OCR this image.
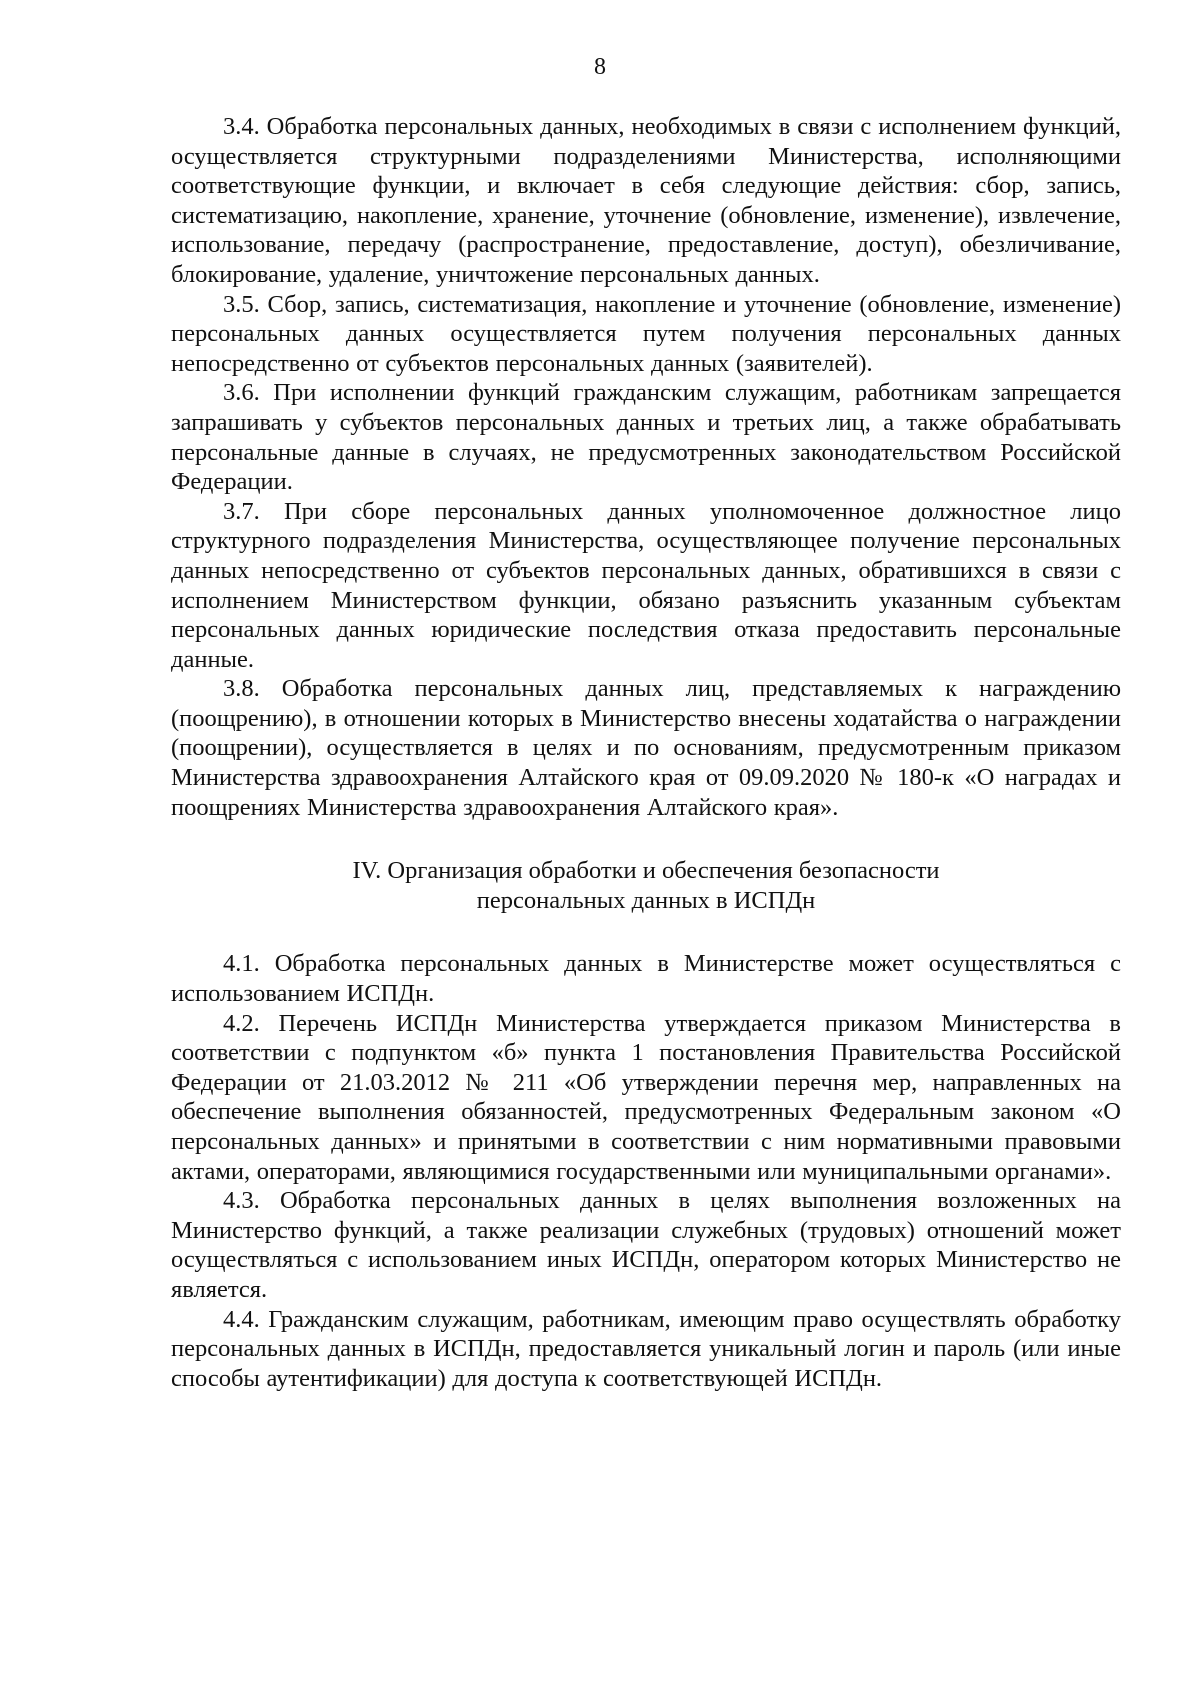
8

3.4. Обработка персональных данных, необходимых в связи с исполнением функций, осуществляется структурными подразделениями Министерства, исполняющими соответствующие функции, и включает в себя следующие действия: сбор, запись, систематизацию, накопление, хранение, уточнение (обновление, изменение), извлечение, использование, передачу (распространение, предоставление, доступ), обезличивание, блокирование, удаление, уничтожение персональных данных.

3.5. Сбор, запись, систематизация, накопление и уточнение (обновление, изменение) персональных данных осуществляется путем получения персональных данных непосредственно от субъектов персональных данных (заявителей).

3.6. При исполнении функций гражданским служащим, работникам запрещается запрашивать у субъектов персональных данных и третьих лиц, а также обрабатывать персональные данные в случаях, не предусмотренных законодательством Российской Федерации.

3.7. При сборе персональных данных уполномоченное должностное лицо структурного подразделения Министерства, осуществляющее получение персональных данных непосредственно от субъектов персональных данных, обратившихся в связи с исполнением Министерством функции, обязано разъяснить указанным субъектам персональных данных юридические последствия отказа предоставить персональные данные.

3.8. Обработка персональных данных лиц, представляемых к награждению (поощрению), в отношении которых в Министерство внесены ходатайства о награждении (поощрении), осуществляется в целях и по основаниям, предусмотренным приказом Министерства здравоохранения Алтайского края от 09.09.2020 № 180-к «О наградах и поощрениях Министерства здравоохранения Алтайского края».

IV. Организация обработки и обеспечения безопасности
персональных данных в ИСПДн

4.1. Обработка персональных данных в Министерстве может осуществляться с использованием ИСПДн.

4.2. Перечень ИСПДн Министерства утверждается приказом Министерства в соответствии с подпунктом «б» пункта 1 постановления Правительства Российской Федерации от 21.03.2012 № 211 «Об утверждении перечня мер, направленных на обеспечение выполнения обязанностей, предусмотренных Федеральным законом «О персональных данных» и принятыми в соответствии с ним нормативными правовыми актами, операторами, являющимися государственными или муниципальными органами».

4.3. Обработка персональных данных в целях выполнения возложенных на Министерство функций, а также реализации служебных (трудовых) отношений может осуществляться с использованием иных ИСПДн, оператором которых Министерство не является.

4.4. Гражданским служащим, работникам, имеющим право осуществлять обработку персональных данных в ИСПДн, предоставляется уникальный логин и пароль (или иные способы аутентификации) для доступа к соответствующей ИСПДн.
